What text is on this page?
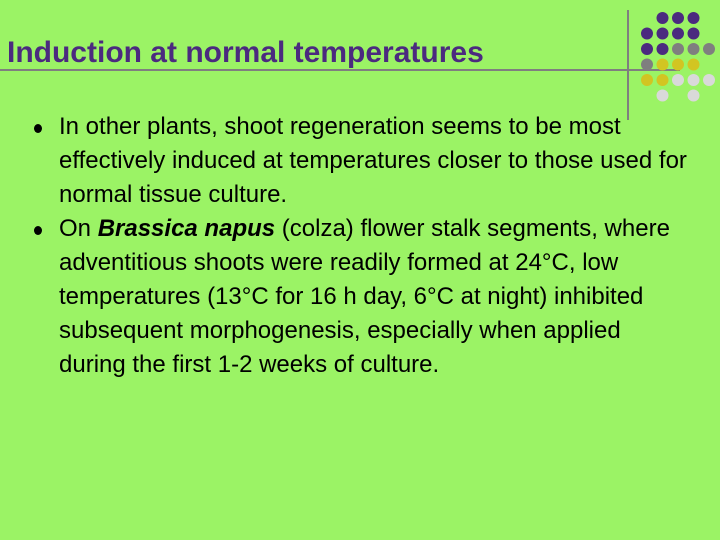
Induction at normal temperatures

In other plants, shoot regeneration seems to be most effectively induced at temperatures closer to those used for normal tissue culture.

On Brassica napus (colza) flower stalk segments, where adventitious shoots were readily formed at 24°C, low temperatures (13°C for 16 h day, 6°C at night) inhibited subsequent morphogenesis, especially when applied during the first 1-2 weeks of culture.
